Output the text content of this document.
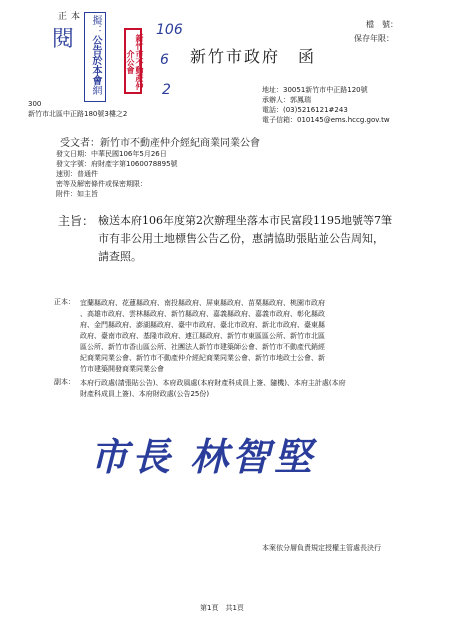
正本
檔　號：
保存年限：
閱
擬：
公告於本會
網	新竹市不動產仲介公會
106
6
2
新竹市政府　函
地址：30051新竹市中正路120號
承辦人：郭鳳瑞
電話：(03)5216121#243
電子信箱：010145@ems.hccg.gov.tw
300
新竹市北區中正路180號3樓之2
受文者：新竹市不動產仲介經紀商業同業公會
發文日期：中華民國106年5月26日
發文字號：府財產字第1060078895號
速別：普通件
密等及解密條件或保密期限：
附件：如主旨
主旨： 檢送本府106年度第2次辦理坐落本市民富段1195地號等7筆
市有非公用土地標售公告乙份，惠請協助張貼並公告周知，
請查照。
正本： 宜蘭縣政府、花蓮縣政府、南投縣政府、屏東縣政府、苗栗縣政府、桃園市政府
、高雄市政府、雲林縣政府、新竹縣政府、嘉義縣政府、嘉義市政府、彰化縣政
府、金門縣政府、澎湖縣政府、臺中市政府、臺北市政府、新北市政府、臺東縣
政府、臺南市政府、基隆市政府、連江縣政府、新竹市東區區公所、新竹市北區
區公所、新竹市香山區公所、社團法人新竹市建築師公會、新竹市不動產代銷經
紀商業同業公會、新竹市不動產仲介經紀商業同業公會、新竹市地政士公會、新
竹市建築開發商業同業公會
副本： 本府行政處(請張貼公告)、本府政風處(本府財產科成員上簽、隨機)、本府主計處(本府
財產科成員上簽)、本府財政處(公告25份)
市長 林智堅
本案依分層負責規定授權主管處長決行
第1頁　共1頁
